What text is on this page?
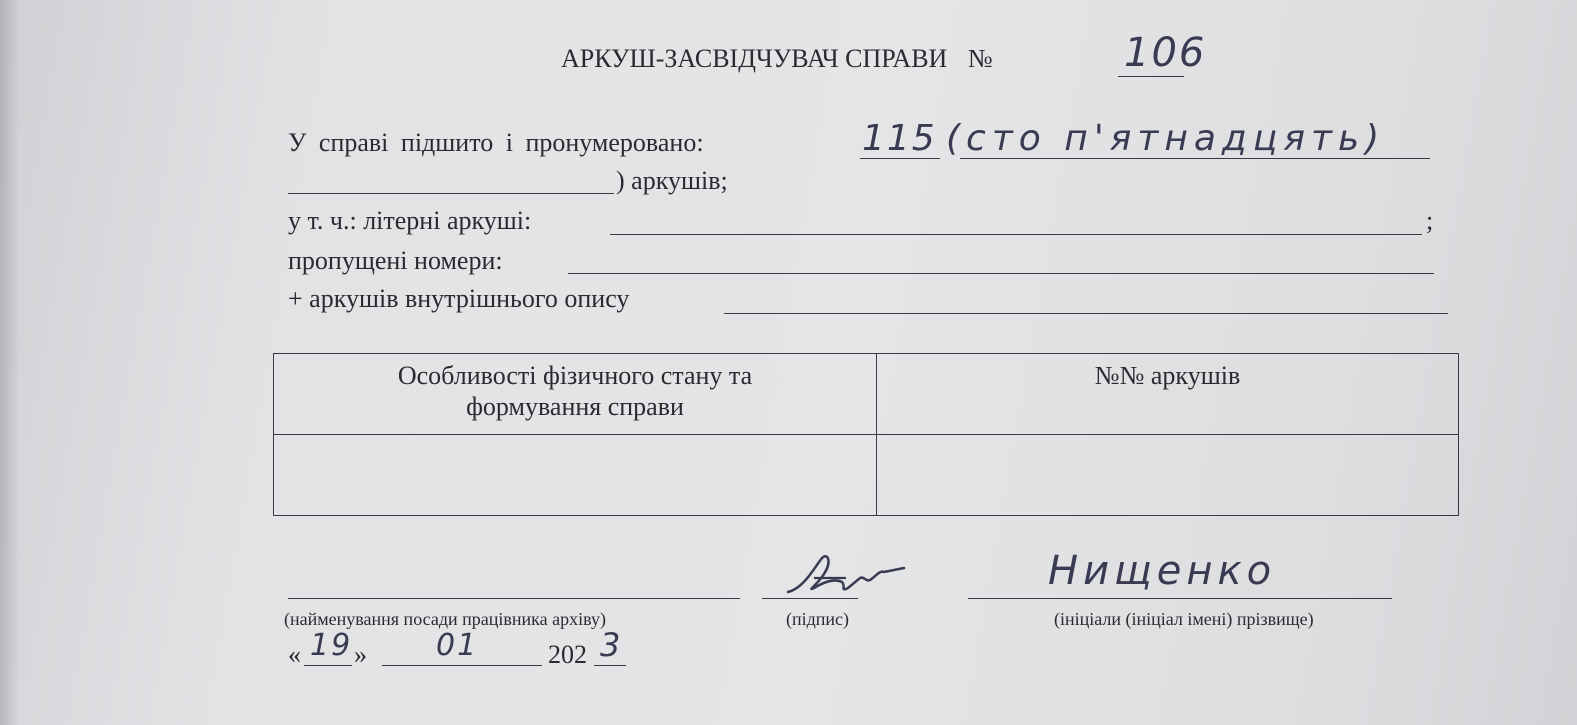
АРКУШ-ЗАСВІДЧУВАЧ СПРАВИ №	106
У справі підшито і пронумеровано:	115 (сто п'ятнадцять)
) аркушів;
у т. ч.: літерні аркуші:	;
пропущені номери:
+ аркушів внутрішнього опису
Особливості фізичного стану та
формування справи	№№ аркушів

(найменування посади працівника архіву)	(підпис)	(ініціали (ініціал імені) прізвище)
Нищенко
« 19 » 01	202 3
